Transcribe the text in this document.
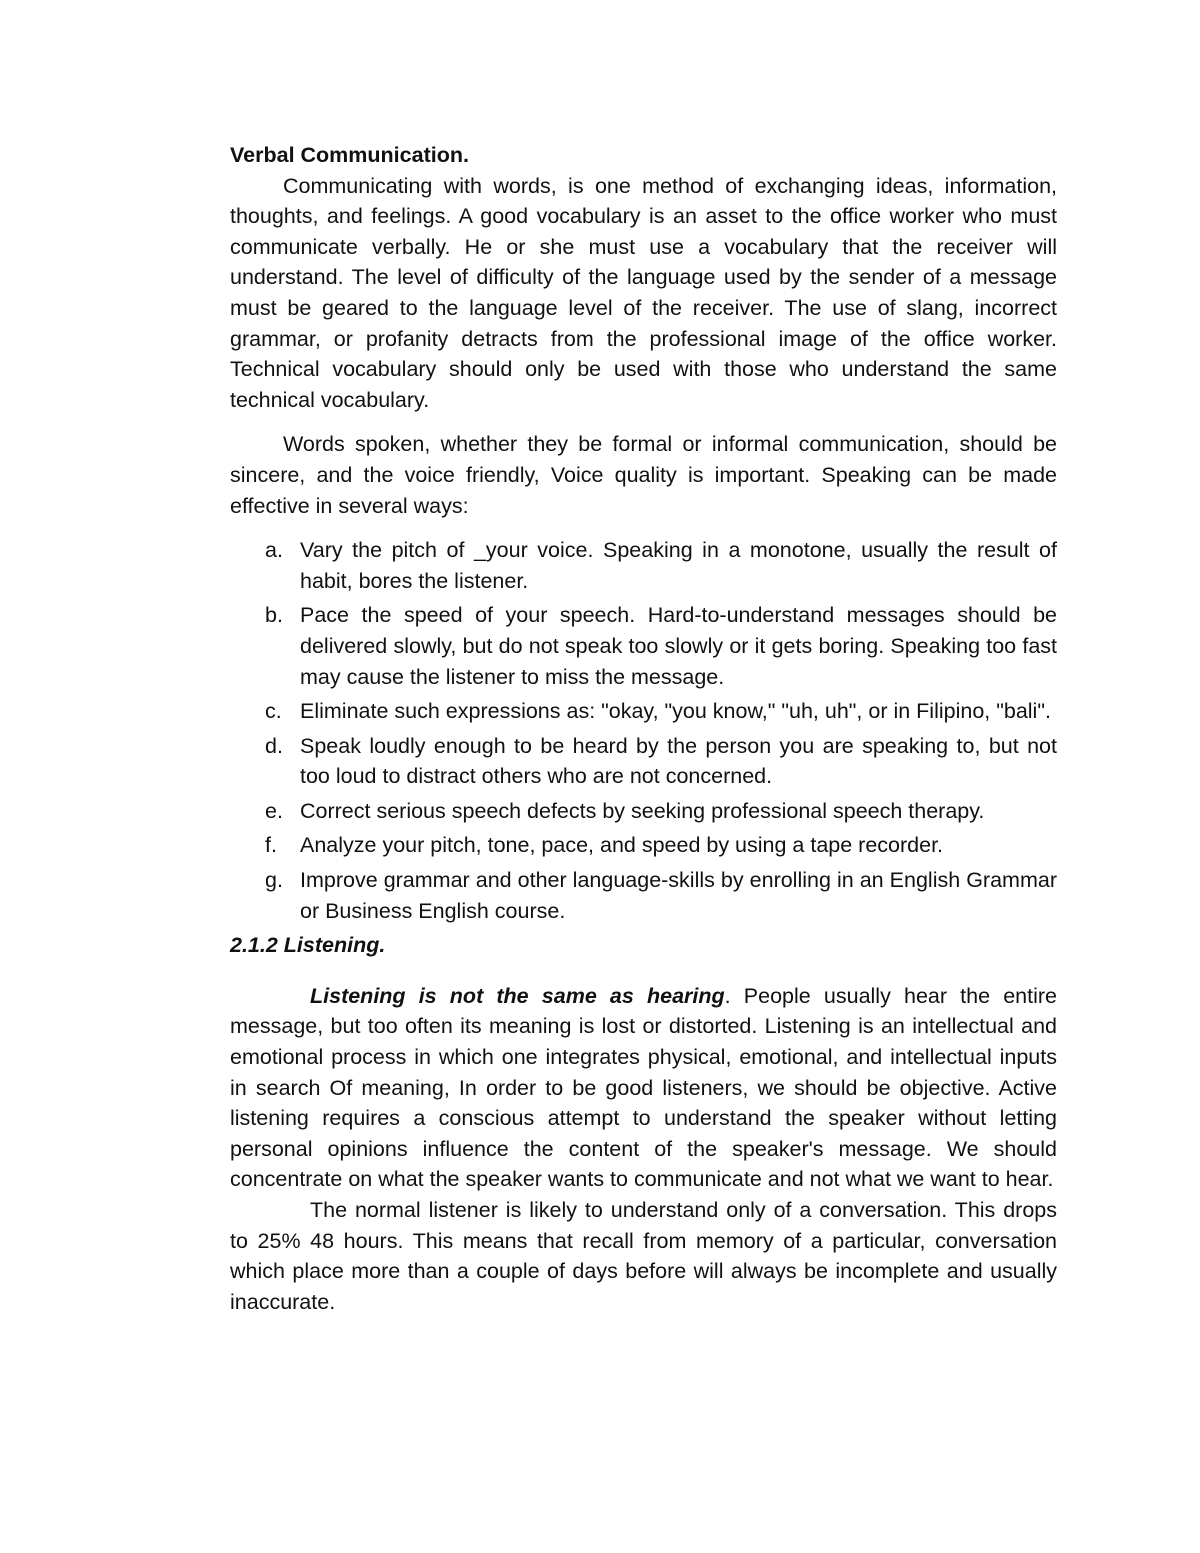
Verbal Communication.

Communicating with words, is one method of exchanging ideas, information, thoughts, and feelings. A good vocabulary is an asset to the office worker who must communicate verbally. He or she must use a vocabulary that the receiver will understand. The level of difficulty of the language used by the sender of a message must be geared to the language level of the receiver. The use of slang, incorrect grammar, or profanity detracts from the professional image of the office worker. Technical vocabulary should only be used with those who understand the same technical vocabulary.

Words spoken, whether they be formal or informal communication, should be sincere, and the voice friendly, Voice quality is important. Speaking can be made effective in several ways:

a. Vary the pitch of _your voice. Speaking in a monotone, usually the result of habit, bores the listener.
b. Pace the speed of your speech. Hard-to-understand messages should be delivered slowly, but do not speak too slowly or it gets boring. Speaking too fast may cause the listener to miss the message.
c. Eliminate such expressions as: "okay, "you know," "uh, uh", or in Filipino, "bali".
d. Speak loudly enough to be heard by the person you are speaking to, but not too loud to distract others who are not concerned.
e. Correct serious speech defects by seeking professional speech therapy.
f.	Analyze your pitch, tone, pace, and speed by using a tape recorder.
g. Improve grammar and other language-skills by enrolling in an English Grammar or Business English course.

2.1.2 Listening.

Listening is not the same as hearing. People usually hear the entire message, but too often its meaning is lost or distorted. Listening is an intellectual and emotional process in which one integrates physical, emotional, and intellectual inputs in search Of meaning, In order to be good listeners, we should be objective. Active listening requires a conscious attempt to understand the speaker without letting personal opinions influence the content of the speaker's message. We should concentrate on what the speaker wants to communicate and not what we want to hear.

The normal listener is likely to understand only of a conversation. This drops to 25% 48 hours. This means that recall from memory of a particular, conversation which place more than a couple of days before will always be incomplete and usually inaccurate.
